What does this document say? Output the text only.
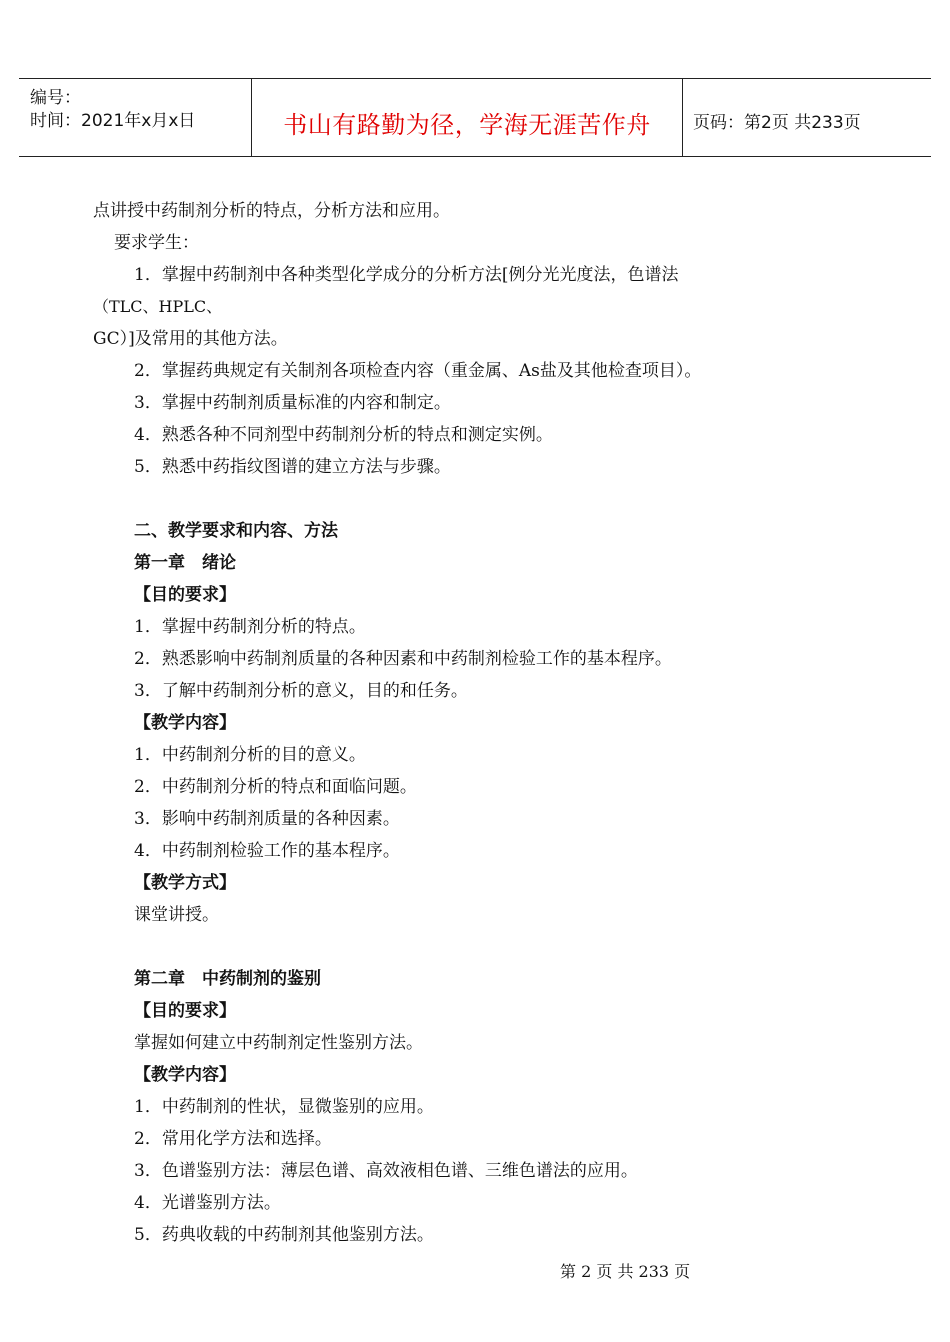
编号：
时间：2021年x月x日	书山有路勤为径，学海无涯苦作舟	页码：第2页 共233页
点讲授中药制剂分析的特点，分析方法和应用。
要求学生：
1．掌握中药制剂中各种类型化学成分的分析方法[例分光光度法，色谱法
（TLC、HPLC、
GC）]及常用的其他方法。
2．掌握药典规定有关制剂各项检查内容（重金属、As盐及其他检查项目）。
3．掌握中药制剂质量标准的内容和制定。
4．熟悉各种不同剂型中药制剂分析的特点和测定实例。
5．熟悉中药指纹图谱的建立方法与步骤。
二、教学要求和内容、方法
第一章　绪论
【目的要求】
1．掌握中药制剂分析的特点。
2．熟悉影响中药制剂质量的各种因素和中药制剂检验工作的基本程序。
3．了解中药制剂分析的意义，目的和任务。
【教学内容】
1．中药制剂分析的目的意义。
2．中药制剂分析的特点和面临问题。
3．影响中药制剂质量的各种因素。
4．中药制剂检验工作的基本程序。
【教学方式】
课堂讲授。
第二章　中药制剂的鉴别
【目的要求】
掌握如何建立中药制剂定性鉴别方法。
【教学内容】
1．中药制剂的性状，显微鉴别的应用。
2．常用化学方法和选择。
3．色谱鉴别方法：薄层色谱、高效液相色谱、三维色谱法的应用。
4．光谱鉴别方法。
5．药典收载的中药制剂其他鉴别方法。
第 2 页 共 233 页
